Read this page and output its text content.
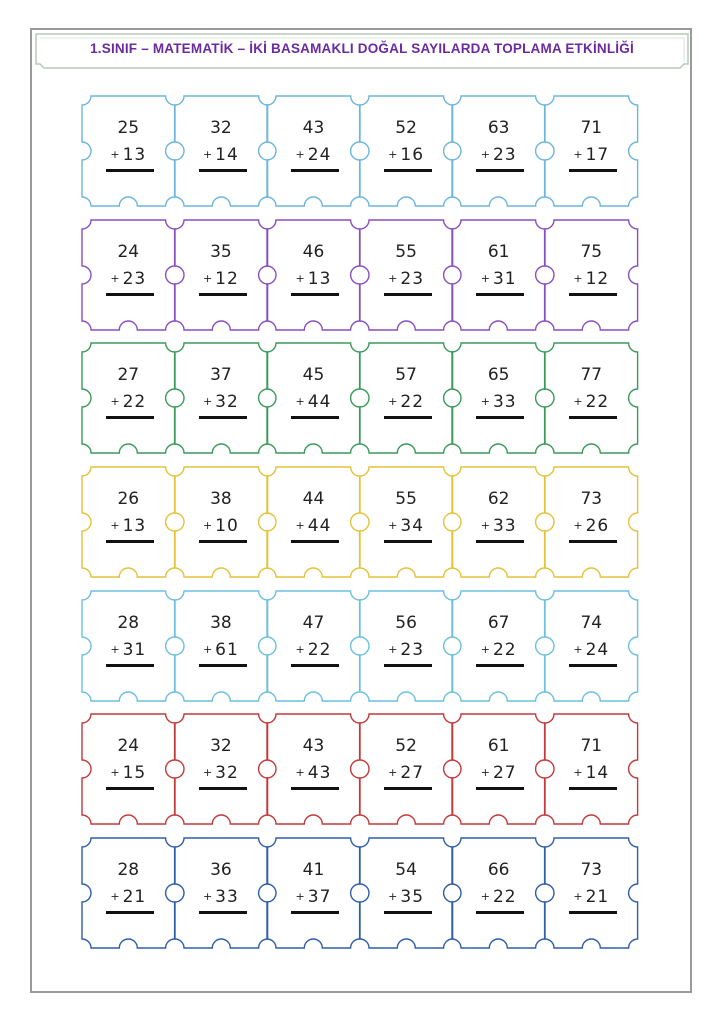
1.SINIF – MATEMATİK – İKİ BASAMAKLI DOĞAL SAYILARDA TOPLAMA ETKİNLİĞİ
25
+ 13
32
+ 14
43
+ 24
52
+ 16
63
+ 23
71
+ 17
24
+ 23
35
+ 12
46
+ 13
55
+ 23
61
+ 31
75
+ 12
27
+ 22
37
+ 32
45
+ 44
57
+ 22
65
+ 33
77
+ 22
26
+ 13
38
+ 10
44
+ 44
55
+ 34
62
+ 33
73
+ 26
28
+ 31
38
+ 61
47
+ 22
56
+ 23
67
+ 22
74
+ 24
24
+ 15
32
+ 32
43
+ 43
52
+ 27
61
+ 27
71
+ 14
28
+ 21
36
+ 33
41
+ 37
54
+ 35
66
+ 22
73
+ 21
